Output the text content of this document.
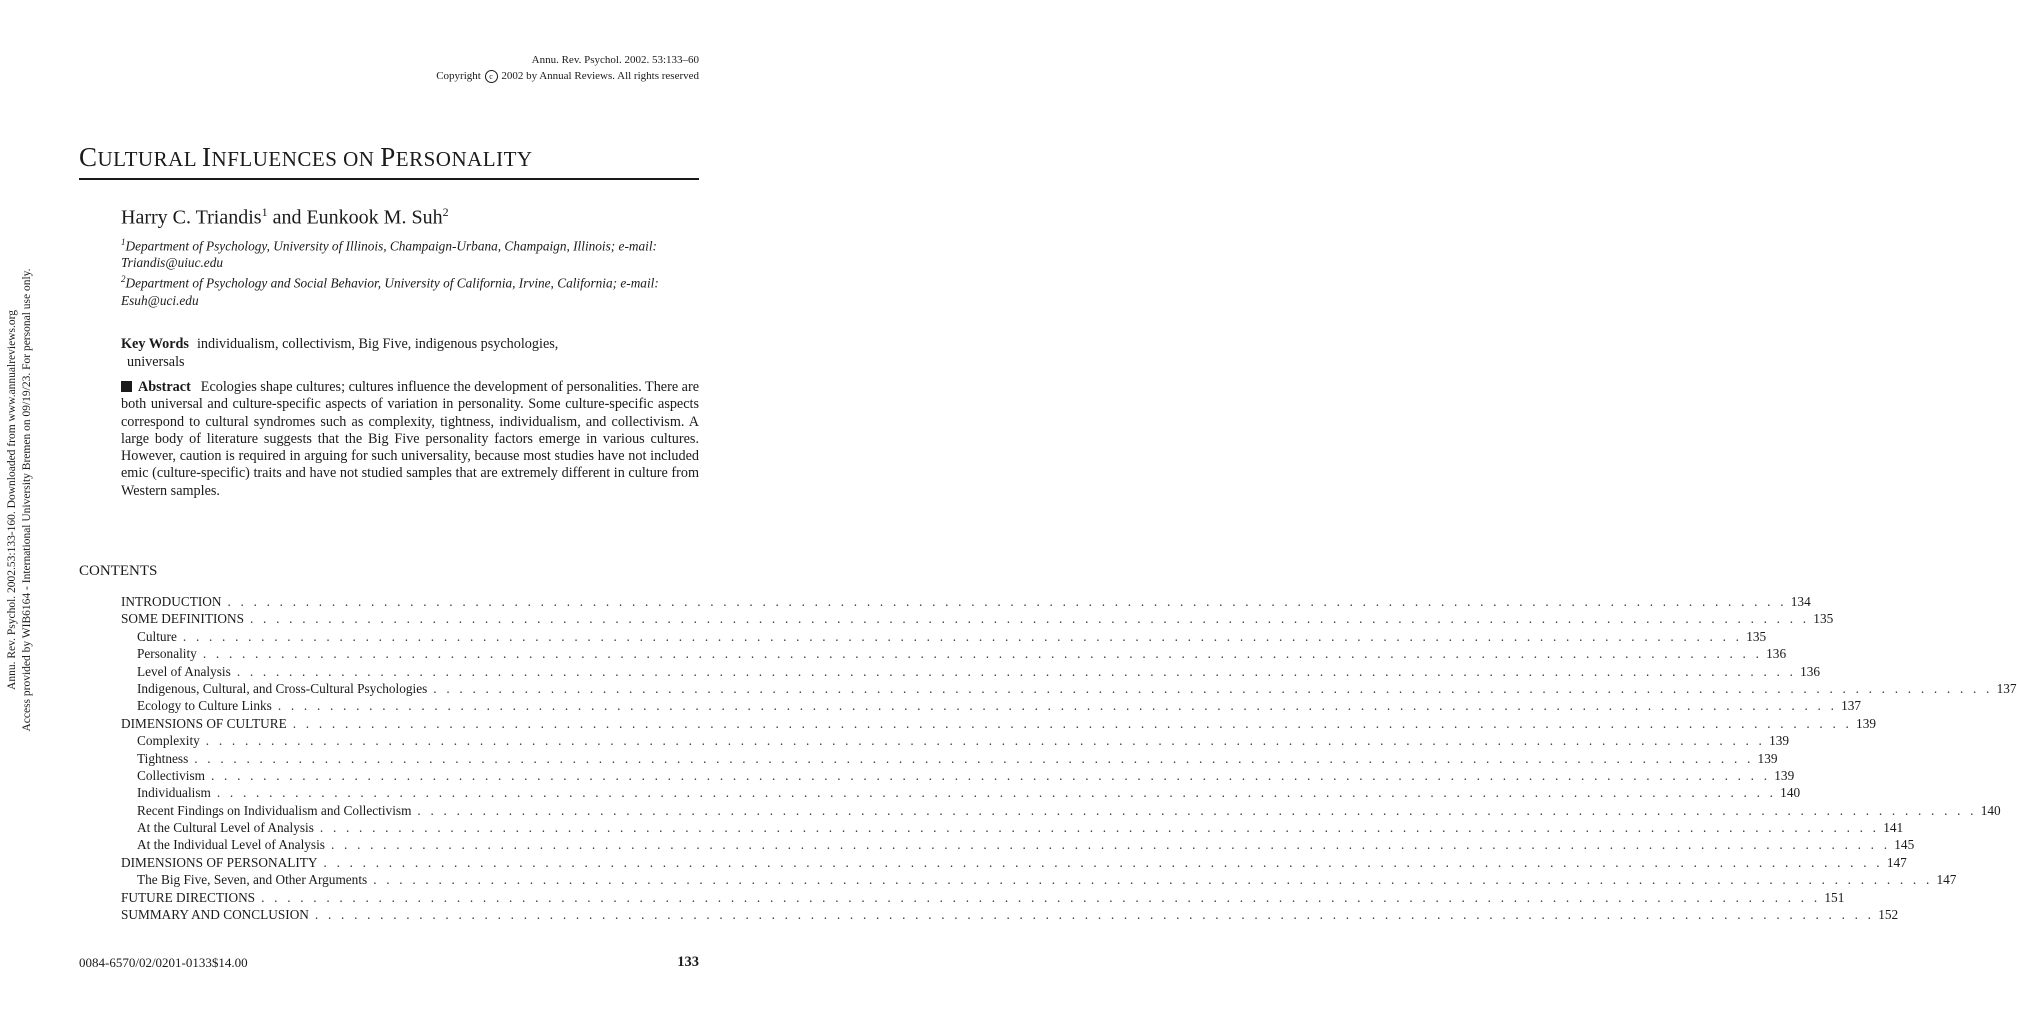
Annu. Rev. Psychol. 2002. 53:133–60
Copyright c 2002 by Annual Reviews. All rights reserved
Annu. Rev. Psychol. 2002.53:133-160. Downloaded from www.annualreviews.org Access provided by WIB6164 - International University Bremen on 09/19/23. For personal use only.
CULTURAL INFLUENCES ON PERSONALITY
Harry C. Triandis$^1$ and Eunkook M. Suh$^2$
$^1$Department of Psychology, University of Illinois, Champaign-Urbana, Champaign, Illinois; e-mail: Triandis@uiuc.edu
$^2$Department of Psychology and Social Behavior, University of California, Irvine, California; e-mail: Esuh@uci.edu
Key Words individualism, collectivism, Big Five, indigenous psychologies,
universals
Abstract Ecologies shape cultures; cultures influence the development of personalities. There are both universal and culture-specific aspects of variation in personality. Some culture-specific aspects correspond to cultural syndromes such as complexity, tightness, individualism, and collectivism. A large body of literature suggests that the Big Five personality factors emerge in various cultures. However, caution is required in arguing for such universality, because most studies have not included emic (culture-specific) traits and have not studied samples that are extremely different in culture from Western samples.
CONTENTS
INTRODUCTION . . . . . . . . . . . . . . . . . . . . . . . . . . . . . . . . . . . . . . . . . . . . . . . . . . . . . . . . . . . . . . . . . . . . . . . . . . . . . . . . . . . . . . . . . . . . . . . . . . . . . . . . . . . . . . . . . . . . . . . . 134
SOME DEFINITIONS . . . . . . . . . . . . . . . . . . . . . . . . . . . . . . . . . . . . . . . . . . . . . . . . . . . . . . . . . . . . . . . . . . . . . . . . . . . . . . . . . . . . . . . . . . . . . . . . . . . . . . . . . . . . . . . . . . . . . . . . 135
Culture . . . . . . . . . . . . . . . . . . . . . . . . . . . . . . . . . . . . . . . . . . . . . . . . . . . . . . . . . . . . . . . . . . . . . . . . . . . . . . . . . . . . . . . . . . . . . . . . . . . . . . . . . . . . . . . . . . . . . . . . 135
Personality . . . . . . . . . . . . . . . . . . . . . . . . . . . . . . . . . . . . . . . . . . . . . . . . . . . . . . . . . . . . . . . . . . . . . . . . . . . . . . . . . . . . . . . . . . . . . . . . . . . . . . . . . . . . . . . . . . . . . . . . 136
Level of Analysis . . . . . . . . . . . . . . . . . . . . . . . . . . . . . . . . . . . . . . . . . . . . . . . . . . . . . . . . . . . . . . . . . . . . . . . . . . . . . . . . . . . . . . . . . . . . . . . . . . . . . . . . . . . . . . . . . . . . . . . . 136
Indigenous, Cultural, and Cross-Cultural Psychologies . . . . . . . . . . . . . . . . . . . . . . . . . . . . . . . . . . . . . . . . . . . . . . . . . . . . . . . . . . . . . . . . . . . . . . . . . . . . . . . . . . . . . . . . . . . . . . . . . . . . . . . . . . . . . . . . . . . . . . . . 137
Ecology to Culture Links . . . . . . . . . . . . . . . . . . . . . . . . . . . . . . . . . . . . . . . . . . . . . . . . . . . . . . . . . . . . . . . . . . . . . . . . . . . . . . . . . . . . . . . . . . . . . . . . . . . . . . . . . . . . . . . . . . . . . . . . 137
DIMENSIONS OF CULTURE . . . . . . . . . . . . . . . . . . . . . . . . . . . . . . . . . . . . . . . . . . . . . . . . . . . . . . . . . . . . . . . . . . . . . . . . . . . . . . . . . . . . . . . . . . . . . . . . . . . . . . . . . . . . . . . . . . . . . . . . 139
Complexity . . . . . . . . . . . . . . . . . . . . . . . . . . . . . . . . . . . . . . . . . . . . . . . . . . . . . . . . . . . . . . . . . . . . . . . . . . . . . . . . . . . . . . . . . . . . . . . . . . . . . . . . . . . . . . . . . . . . . . . . 139
Tightness . . . . . . . . . . . . . . . . . . . . . . . . . . . . . . . . . . . . . . . . . . . . . . . . . . . . . . . . . . . . . . . . . . . . . . . . . . . . . . . . . . . . . . . . . . . . . . . . . . . . . . . . . . . . . . . . . . . . . . . . 139
Collectivism . . . . . . . . . . . . . . . . . . . . . . . . . . . . . . . . . . . . . . . . . . . . . . . . . . . . . . . . . . . . . . . . . . . . . . . . . . . . . . . . . . . . . . . . . . . . . . . . . . . . . . . . . . . . . . . . . . . . . . . . 139
Individualism . . . . . . . . . . . . . . . . . . . . . . . . . . . . . . . . . . . . . . . . . . . . . . . . . . . . . . . . . . . . . . . . . . . . . . . . . . . . . . . . . . . . . . . . . . . . . . . . . . . . . . . . . . . . . . . . . . . . . . . . 140
Recent Findings on Individualism and Collectivism . . . . . . . . . . . . . . . . . . . . . . . . . . . . . . . . . . . . . . . . . . . . . . . . . . . . . . . . . . . . . . . . . . . . . . . . . . . . . . . . . . . . . . . . . . . . . . . . . . . . . . . . . . . . . . . . . . . . . . . . 140
At the Cultural Level of Analysis . . . . . . . . . . . . . . . . . . . . . . . . . . . . . . . . . . . . . . . . . . . . . . . . . . . . . . . . . . . . . . . . . . . . . . . . . . . . . . . . . . . . . . . . . . . . . . . . . . . . . . . . . . . . . . . . . . . . . . . . 141
At the Individual Level of Analysis . . . . . . . . . . . . . . . . . . . . . . . . . . . . . . . . . . . . . . . . . . . . . . . . . . . . . . . . . . . . . . . . . . . . . . . . . . . . . . . . . . . . . . . . . . . . . . . . . . . . . . . . . . . . . . . . . . . . . . . . 145
DIMENSIONS OF PERSONALITY . . . . . . . . . . . . . . . . . . . . . . . . . . . . . . . . . . . . . . . . . . . . . . . . . . . . . . . . . . . . . . . . . . . . . . . . . . . . . . . . . . . . . . . . . . . . . . . . . . . . . . . . . . . . . . . . . . . . . . . . 147
The Big Five, Seven, and Other Arguments . . . . . . . . . . . . . . . . . . . . . . . . . . . . . . . . . . . . . . . . . . . . . . . . . . . . . . . . . . . . . . . . . . . . . . . . . . . . . . . . . . . . . . . . . . . . . . . . . . . . . . . . . . . . . . . . . . . . . . . . 147
FUTURE DIRECTIONS . . . . . . . . . . . . . . . . . . . . . . . . . . . . . . . . . . . . . . . . . . . . . . . . . . . . . . . . . . . . . . . . . . . . . . . . . . . . . . . . . . . . . . . . . . . . . . . . . . . . . . . . . . . . . . . . . . . . . . . . 151
SUMMARY AND CONCLUSION . . . . . . . . . . . . . . . . . . . . . . . . . . . . . . . . . . . . . . . . . . . . . . . . . . . . . . . . . . . . . . . . . . . . . . . . . . . . . . . . . . . . . . . . . . . . . . . . . . . . . . . . . . . . . . . . . . . . . . . . 152
0084-6570/02/0201-0133$14.00	133
